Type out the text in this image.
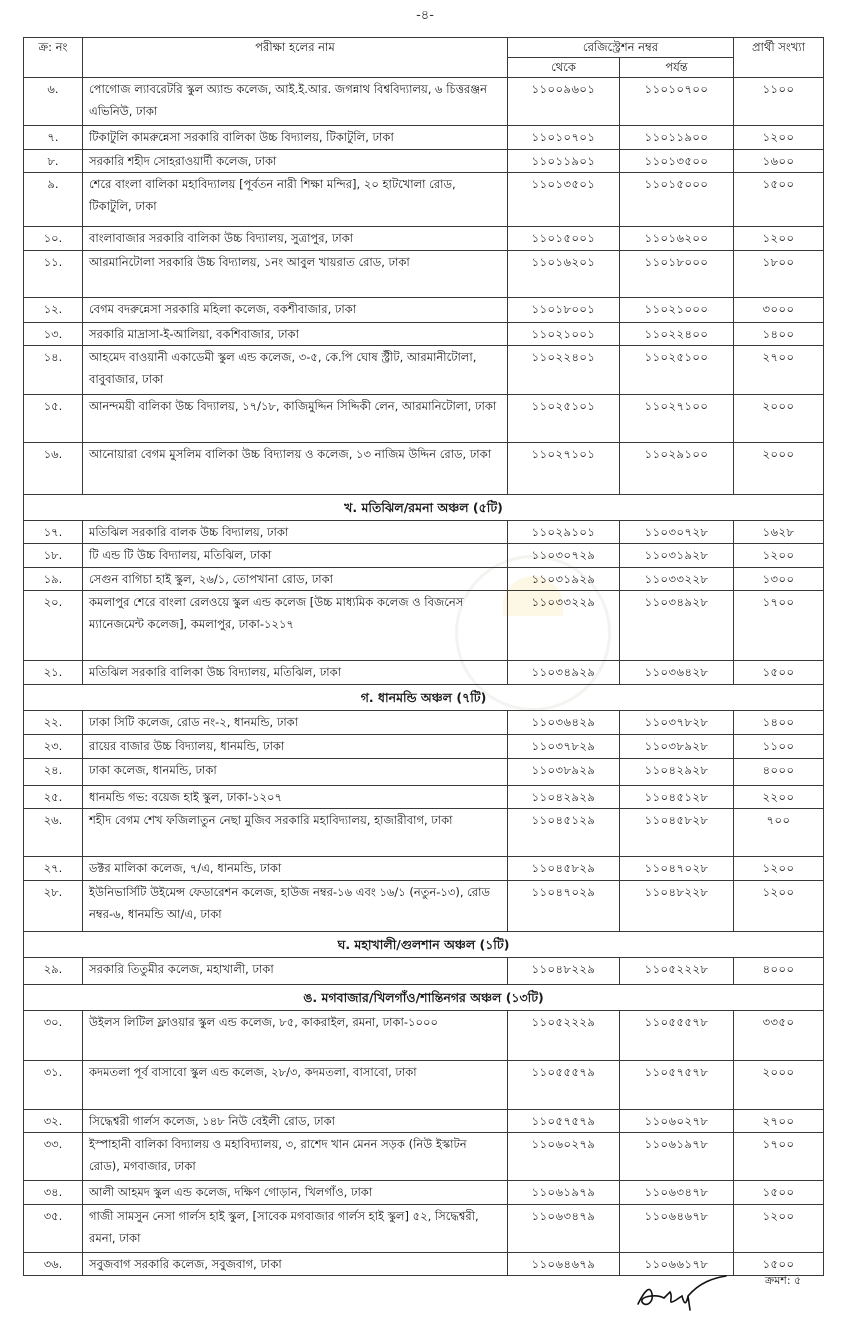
-৪-
ক্র: নং	পরীক্ষা হলের নাম	রেজিস্ট্রেশন নম্বর		প্রার্থী সংখ্যা
		থেকে	পর্যন্ত	
৬.	পোগোজ ল্যাবরেটরি স্কুল অ্যান্ড কলেজ, আই.ই.আর. জগন্নাথ বিশ্ববিদ্যালয়, ৬ চিত্তরঞ্জন এভিনিউ, ঢাকা	১১০০৯৬০১	১১০১০৭০০	১১০০
৭.	টিকাটুলি কামরুন্নেসা সরকারি বালিকা উচ্চ বিদ্যালয়, টিকাটুলি, ঢাকা	১১০১০৭০১	১১০১১৯০০	১২০০
৮.	সরকারি শহীদ সোহরাওয়ার্দী কলেজ, ঢাকা	১১০১১৯০১	১১০১৩৫০০	১৬০০
৯.	শেরে বাংলা বালিকা মহাবিদ্যালয় [পূর্বতন নারী শিক্ষা মন্দির], ২০ হাটখোলা রোড, টিকাটুলি, ঢাকা	১১০১৩৫০১	১১০১৫০০০	১৫০০
১০.	বাংলাবাজার সরকারি বালিকা উচ্চ বিদ্যালয়, সুত্রাপুর, ঢাকা	১১০১৫০০১	১১০১৬২০০	১২০০
১১.	আরমানিটোলা সরকারি উচ্চ বিদ্যালয়, ১নং আবুল খায়রাত রোড, ঢাকা	১১০১৬২০১	১১০১৮০০০	১৮০০
১২.	বেগম বদরুন্নেসা সরকারি মহিলা কলেজ, বকশীবাজার, ঢাকা	১১০১৮০০১	১১০২১০০০	৩০০০
১৩.	সরকারি মাদ্রাসা-ই-আলিয়া, বকশিবাজার, ঢাকা	১১০২১০০১	১১০২২৪০০	১৪০০
১৪.	আহমেদ বাওয়ানী একাডেমী স্কুল এন্ড কলেজ, ৩-৫, কে.পি ঘোষ স্ট্রীট, আরমানীটোলা, বাবুবাজার, ঢাকা	১১০২২৪০১	১১০২৫১০০	২৭০০
১৫.	আনন্দময়ী বালিকা উচ্চ বিদ্যালয়, ১৭/১৮, কাজিমুদ্দিন সিদ্দিকী লেন, আরমানিটোলা, ঢাকা	১১০২৫১০১	১১০২৭১০০	২০০০
১৬.	আনোয়ারা বেগম মুসলিম বালিকা উচ্চ বিদ্যালয় ও কলেজ, ১৩ নাজিম উদ্দিন রোড, ঢাকা	১১০২৭১০১	১১০২৯১০০	২০০০
খ. মতিঝিল/রমনা অঞ্চল (৫টি)				
১৭.	মতিঝিল সরকারি বালক উচ্চ বিদ্যালয়, ঢাকা	১১০২৯১০১	১১০৩০৭২৮	১৬২৮
১৮.	টি এন্ড টি উচ্চ বিদ্যালয়, মতিঝিল, ঢাকা	১১০৩০৭২৯	১১০৩১৯২৮	১২০০
১৯.	সেগুন বাগিচা হাই স্কুল, ২৬/১, তোপখানা রোড, ঢাকা	১১০৩১৯২৯	১১০৩৩২২৮	১৩০০
২০.	কমলাপুর শেরে বাংলা রেলওয়ে স্কুল এন্ড কলেজ [উচ্চ মাধ্যমিক কলেজ ও বিজনেস ম্যানেজমেন্ট কলেজ], কমলাপুর, ঢাকা-১২১৭	১১০৩৩২২৯	১১০৩৪৯২৮	১৭০০
২১.	মতিঝিল সরকারি বালিকা উচ্চ বিদ্যালয়, মতিঝিল, ঢাকা	১১০৩৪৯২৯	১১০৩৬৪২৮	১৫০০
গ. ধানমন্ডি অঞ্চল (৭টি)				
২২.	ঢাকা সিটি কলেজ, রোড নং-২, ধানমন্ডি, ঢাকা	১১০৩৬৪২৯	১১০৩৭৮২৮	১৪০০
২৩.	রায়ের বাজার উচ্চ বিদ্যালয়, ধানমন্ডি, ঢাকা	১১০৩৭৮২৯	১১০৩৮৯২৮	১১০০
২৪.	ঢাকা কলেজ, ধানমন্ডি, ঢাকা	১১০৩৮৯২৯	১১০৪২৯২৮	৪০০০
২৫.	ধানমন্ডি গভ: বয়েজ হাই স্কুল, ঢাকা-১২০৭	১১০৪২৯২৯	১১০৪৫১২৮	২২০০
২৬.	শহীদ বেগম শেখ ফজিলাতুন নেছা মুজিব সরকারি মহাবিদ্যালয়, হাজারীবাগ, ঢাকা	১১০৪৫১২৯	১১০৪৫৮২৮	৭০০
২৭.	ডক্টর মালিকা কলেজ, ৭/এ, ধানমন্ডি, ঢাকা	১১০৪৫৮২৯	১১০৪৭০২৮	১২০০
২৮.	ইউনিভার্সিটি উইমেন্স ফেডারেশন কলেজ, হাউজ নম্বর-১৬ এবং ১৬/১ (নতুন-১৩), রোড নম্বর-৬, ধানমন্ডি আ/এ, ঢাকা	১১০৪৭০২৯	১১০৪৮২২৮	১২০০
ঘ. মহাখালী/গুলশান অঞ্চল (১টি)				
২৯.	সরকারি তিতুমীর কলেজ, মহাখালী, ঢাকা	১১০৪৮২২৯	১১০৫২২২৮	৪০০০
ঙ. মগবাজার/খিলগাঁও/শান্তিনগর অঞ্চল (১৩টি)				
৩০.	উইলস লিটিল ফ্লাওয়ার স্কুল এন্ড কলেজ, ৮৫, কাকরাইল, রমনা, ঢাকা-১০০০	১১০৫২২২৯	১১০৫৫৫৭৮	৩৩৫০
৩১.	কদমতলা পূর্ব বাসাবো স্কুল এন্ড কলেজ, ২৮/৩, কদমতলা, বাসাবো, ঢাকা	১১০৫৫৫৭৯	১১০৫৭৫৭৮	২০০০
৩২.	সিদ্ধেশ্বরী গার্লস কলেজ, ১৪৮ নিউ বেইলী রোড, ঢাকা	১১০৫৭৫৭৯	১১০৬০২৭৮	২৭০০
৩৩.	ইস্পাহানী বালিকা বিদ্যালয় ও মহাবিদ্যালয়, ৩, রাশেদ খান মেনন সড়ক (নিউ ইস্কাটন রোড), মগবাজার, ঢাকা	১১০৬০২৭৯	১১০৬১৯৭৮	১৭০০
৩৪.	আলী আহমদ স্কুল এন্ড কলেজ, দক্ষিণ গোড়ান, খিলগাঁও, ঢাকা	১১০৬১৯৭৯	১১০৬৩৪৭৮	১৫০০
৩৫.	গাজী সামসুন নেসা গার্লস হাই স্কুল, [সাবেক মগবাজার গার্লস হাই স্কুল] ৫২, সিদ্ধেশ্বরী, রমনা, ঢাকা	১১০৬৩৪৭৯	১১০৬৪৬৭৮	১২০০
৩৬.	সবুজবাগ সরকারি কলেজ, সবুজবাগ, ঢাকা	১১০৬৪৬৭৯	১১০৬৬১৭৮	১৫০০
ক্রমশ: ৫
